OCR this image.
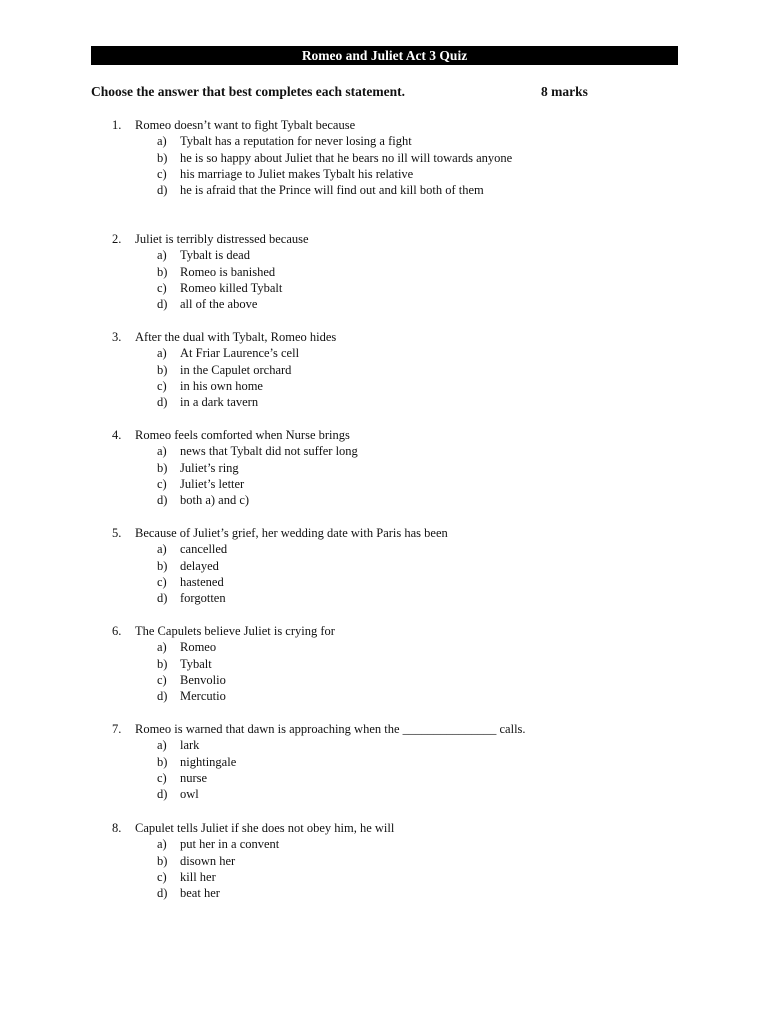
Romeo and Juliet Act 3 Quiz
Choose the answer that best completes each statement.	8 marks
1. Romeo doesn’t want to fight Tybalt because
a) Tybalt has a reputation for never losing a fight
b) he is so happy about Juliet that he bears no ill will towards anyone
c) his marriage to Juliet makes Tybalt his relative
d) he is afraid that the Prince will find out and kill both of them
2. Juliet is terribly distressed because
a) Tybalt is dead
b) Romeo is banished
c) Romeo killed Tybalt
d) all of the above
3. After the dual with Tybalt, Romeo hides
a) At Friar Laurence’s cell
b) in the Capulet orchard
c) in his own home
d) in a dark tavern
4. Romeo feels comforted when Nurse brings
a) news that Tybalt did not suffer long
b) Juliet’s ring
c) Juliet’s letter
d) both a) and c)
5. Because of Juliet’s grief, her wedding date with Paris has been
a) cancelled
b) delayed
c) hastened
d) forgotten
6. The Capulets believe Juliet is crying for
a) Romeo
b) Tybalt
c) Benvolio
d) Mercutio
7. Romeo is warned that dawn is approaching when the _______________ calls.
a) lark
b) nightingale
c) nurse
d) owl
8. Capulet tells Juliet if she does not obey him, he will
a) put her in a convent
b) disown her
c) kill her
d) beat her
